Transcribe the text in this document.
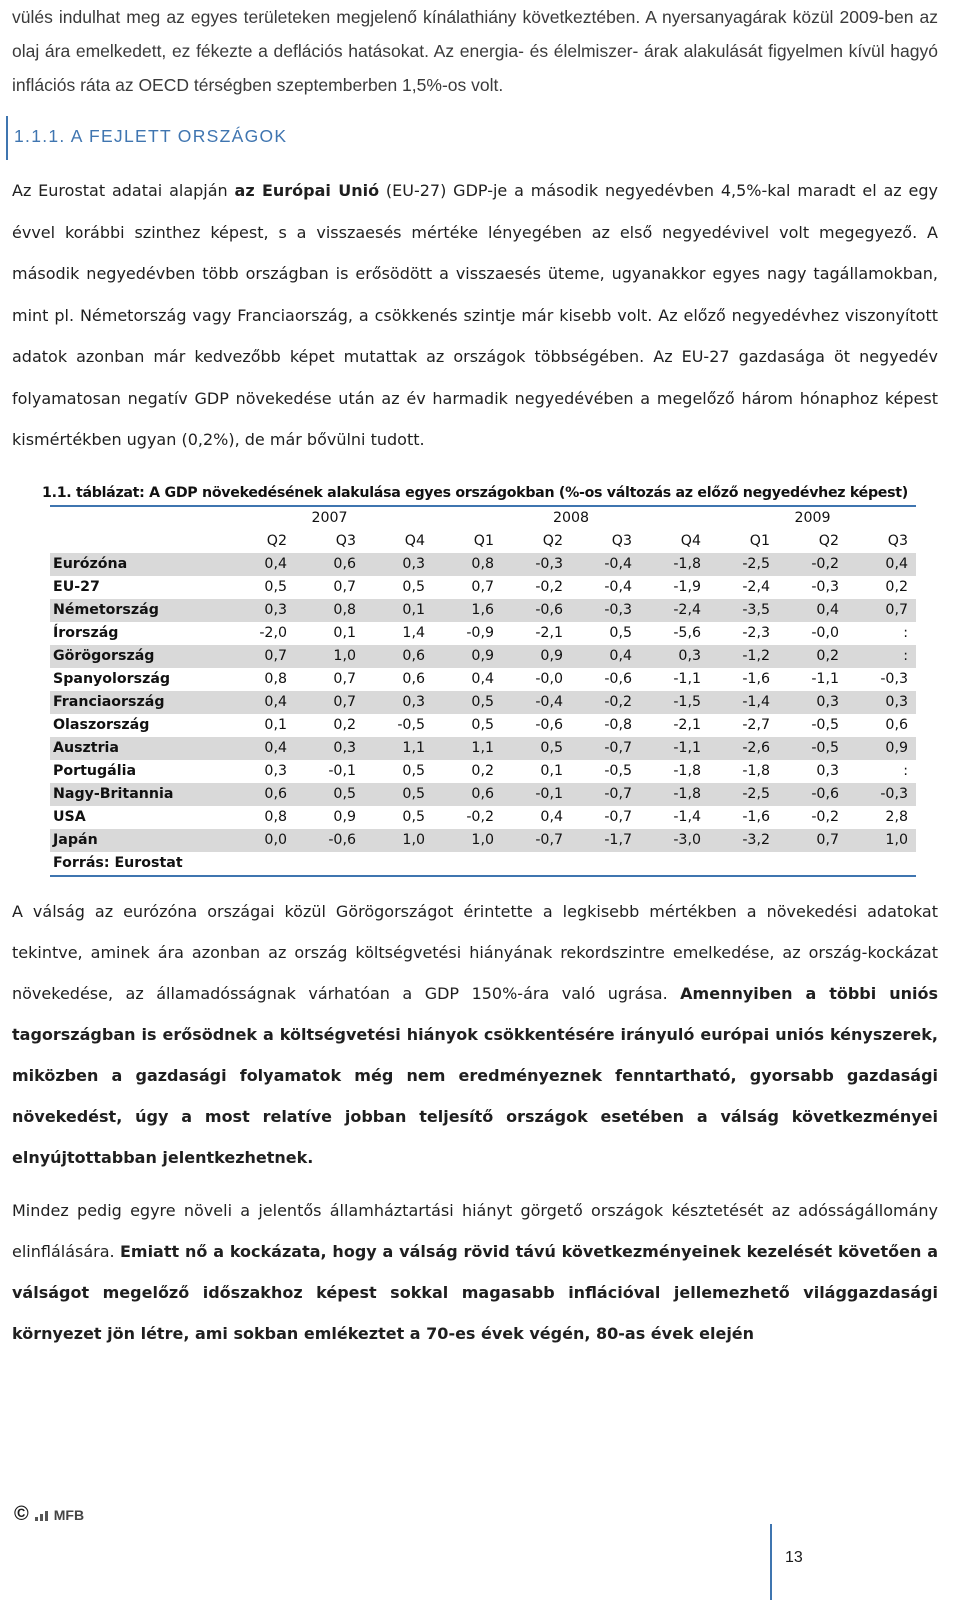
vülés indulhat meg az egyes területeken megjelenő kínálathiány következtében. A nyersanyagárak közül 2009-ben az olaj ára emelkedett, ez fékezte a deflációs hatásokat. Az energia- és élelmiszer- árak alakulását figyelmen kívül hagyó inflációs ráta az OECD térségben szeptemberben 1,5%-os volt.

1.1.1. A FEJLETT ORSZÁGOK

Az Eurostat adatai alapján az Európai Unió (EU-27) GDP-je a második negyedévben 4,5%-kal maradt el az egy évvel korábbi szinthez képest, s a visszaesés mértéke lényegében az első negyedévivel volt megegyező. A második negyedévben több országban is erősödött a visszaesés üteme, ugyanakkor egyes nagy tagállamokban, mint pl. Németország vagy Franciaország, a csökkenés szintje már kisebb volt. Az előző negyedévhez viszonyított adatok azonban már kedvezőbb képet mutattak az országok többségében. Az EU-27 gazdasága öt negyedév folyamatosan negatív GDP növekedése után az év harmadik negyedévében a megelőző három hónaphoz képest kismértékben ugyan (0,2%), de már bővülni tudott.

1.1. táblázat: A GDP növekedésének alakulása egyes országokban (%-os változás az előző negyedévhez képest)
	2007			2008				2009		
	Q2	Q3	Q4	Q1	Q2	Q3	Q4	Q1	Q2	Q3
Eurózóna	0,4	0,6	0,3	0,8	-0,3	-0,4	-1,8	-2,5	-0,2	0,4
EU-27	0,5	0,7	0,5	0,7	-0,2	-0,4	-1,9	-2,4	-0,3	0,2
Németország	0,3	0,8	0,1	1,6	-0,6	-0,3	-2,4	-3,5	0,4	0,7
Írország	-2,0	0,1	1,4	-0,9	-2,1	0,5	-5,6	-2,3	-0,0	:
Görögország	0,7	1,0	0,6	0,9	0,9	0,4	0,3	-1,2	0,2	:
Spanyolország	0,8	0,7	0,6	0,4	-0,0	-0,6	-1,1	-1,6	-1,1	-0,3
Franciaország	0,4	0,7	0,3	0,5	-0,4	-0,2	-1,5	-1,4	0,3	0,3
Olaszország	0,1	0,2	-0,5	0,5	-0,6	-0,8	-2,1	-2,7	-0,5	0,6
Ausztria	0,4	0,3	1,1	1,1	0,5	-0,7	-1,1	-2,6	-0,5	0,9
Portugália	0,3	-0,1	0,5	0,2	0,1	-0,5	-1,8	-1,8	0,3	:
Nagy-Britannia	0,6	0,5	0,5	0,6	-0,1	-0,7	-1,8	-2,5	-0,6	-0,3
USA	0,8	0,9	0,5	-0,2	0,4	-0,7	-1,4	-1,6	-0,2	2,8
Japán	0,0	-0,6	1,0	1,0	-0,7	-1,7	-3,0	-3,2	0,7	1,0
Forrás: Eurostat										

A válság az eurózóna országai közül Görögországot érintette a legkisebb mértékben a növekedési adatokat tekintve, aminek ára azonban az ország költségvetési hiányának rekordszintre emelkedése, az ország-kockázat növekedése, az államadósságnak várhatóan a GDP 150%-ára való ugrása. Amennyiben a többi uniós tagországban is erősödnek a költségvetési hiányok csökkentésére irányuló európai uniós kényszerek, miközben a gazdasági folyamatok még nem eredményeznek fenntartható, gyorsabb gazdasági növekedést, úgy a most relatíve jobban teljesítő országok esetében a válság következményei elnyújtottabban jelentkezhetnek.

Mindez pedig egyre növeli a jelentős államháztartási hiányt görgető országok késztetését az adósságállomány elinflálására. Emiatt nő a kockázata, hogy a válság rövid távú következményeinek kezelését követően a válságot megelőző időszakhoz képest sokkal magasabb inflációval jellemezhető világgazdasági környezet jön létre, ami sokban emlékeztet a 70-es évek végén, 80-as évek elején

© MFB
13
